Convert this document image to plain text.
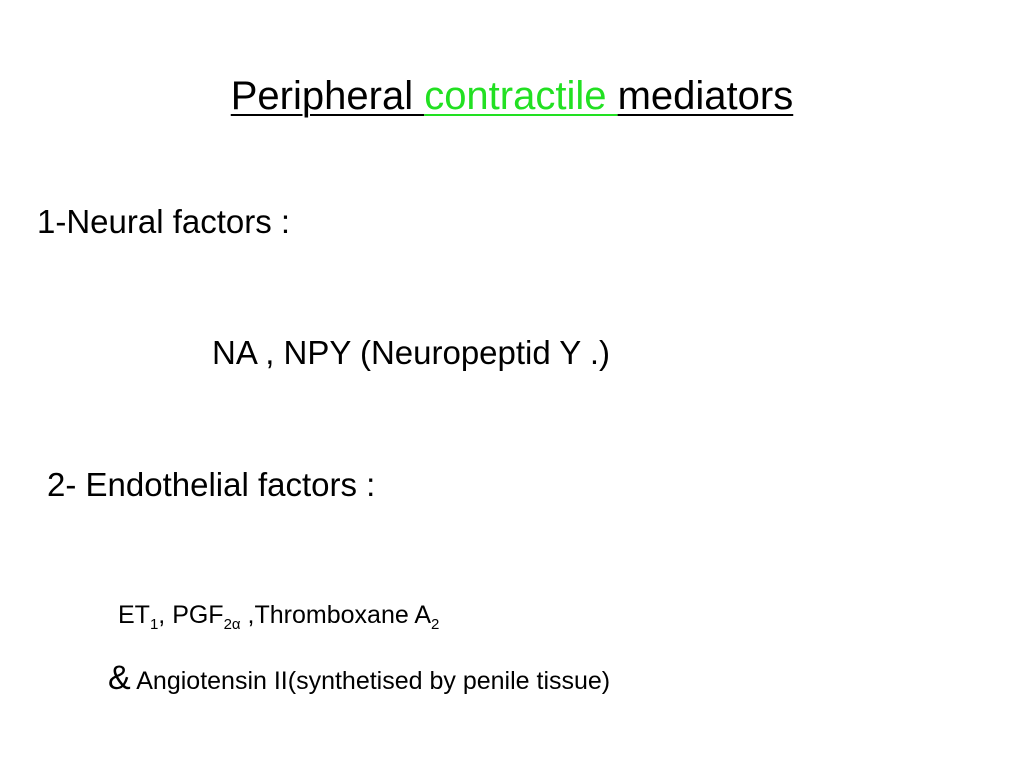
Peripheral contractile mediators
1-Neural factors :
NA , NPY (Neuropeptid Y .)
2- Endothelial factors :
$ET_1$, $PGF_{2\alpha}$ ,Thromboxane $A_2$
& Angiotensin II(synthetised by penile tissue)
